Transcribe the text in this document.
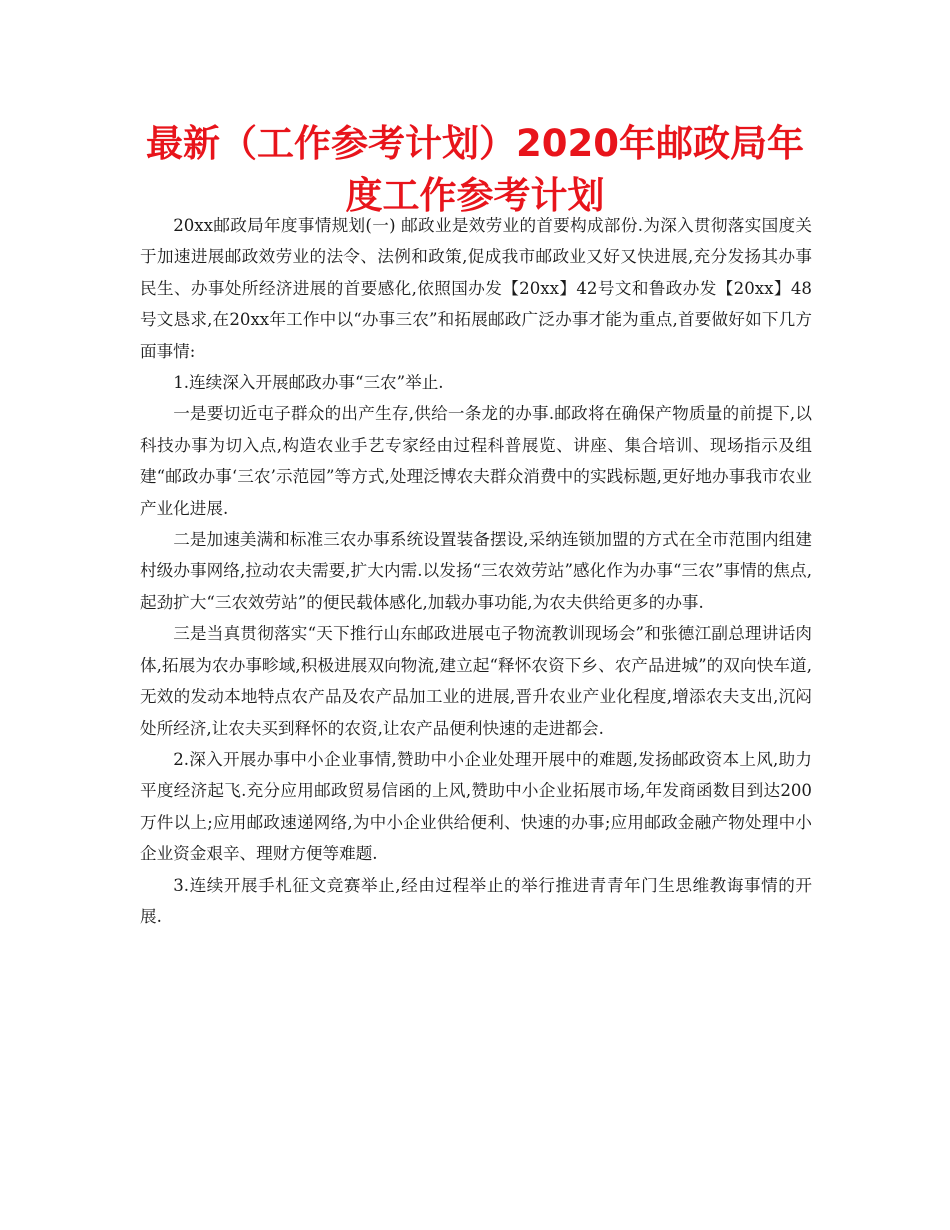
最新（工作参考计划）2020年邮政局年度工作参考计划

20xx邮政局年度事情规划(一) 邮政业是效劳业的首要构成部份.为深入贯彻落实国度关于加速进展邮政效劳业的法令、法例和政策,促成我市邮政业又好又快进展,充分发扬其办事民生、办事处所经济进展的首要感化,依照国办发【20xx】42号文和鲁政办发【20xx】48号文恳求,在20xx年工作中以“办事三农”和拓展邮政广泛办事才能为重点,首要做好如下几方面事情:

1.连续深入开展邮政办事“三农”举止.

一是要切近屯子群众的出产生存,供给一条龙的办事.邮政将在确保产物质量的前提下,以科技办事为切入点,构造农业手艺专家经由过程科普展览、讲座、集合培训、现场指示及组建“邮政办事‘三农’示范园”等方式,处理泛博农夫群众消费中的实践标题,更好地办事我市农业产业化进展.

二是加速美满和标准三农办事系统设置装备摆设,采纳连锁加盟的方式在全市范围内组建村级办事网络,拉动农夫需要,扩大内需.以发扬“三农效劳站”感化作为办事“三农”事情的焦点,起劲扩大“三农效劳站”的便民载体感化,加载办事功能,为农夫供给更多的办事.

三是当真贯彻落实“天下推行山东邮政进展屯子物流教训现场会”和张德江副总理讲话肉体,拓展为农办事畛域,积极进展双向物流,建立起“释怀农资下乡、农产品进城”的双向快车道,无效的发动本地特点农产品及农产品加工业的进展,晋升农业产业化程度,增添农夫支出,沉闷处所经济,让农夫买到释怀的农资,让农产品便利快速的走进都会.

2.深入开展办事中小企业事情,赞助中小企业处理开展中的难题,发扬邮政资本上风,助力平度经济起飞.充分应用邮政贸易信函的上风,赞助中小企业拓展市场,年发商函数目到达200万件以上;应用邮政速递网络,为中小企业供给便利、快速的办事;应用邮政金融产物处理中小企业资金艰辛、理财方便等难题.

3.连续开展手札征文竞赛举止,经由过程举止的举行推进青青年门生思维教诲事情的开展.
